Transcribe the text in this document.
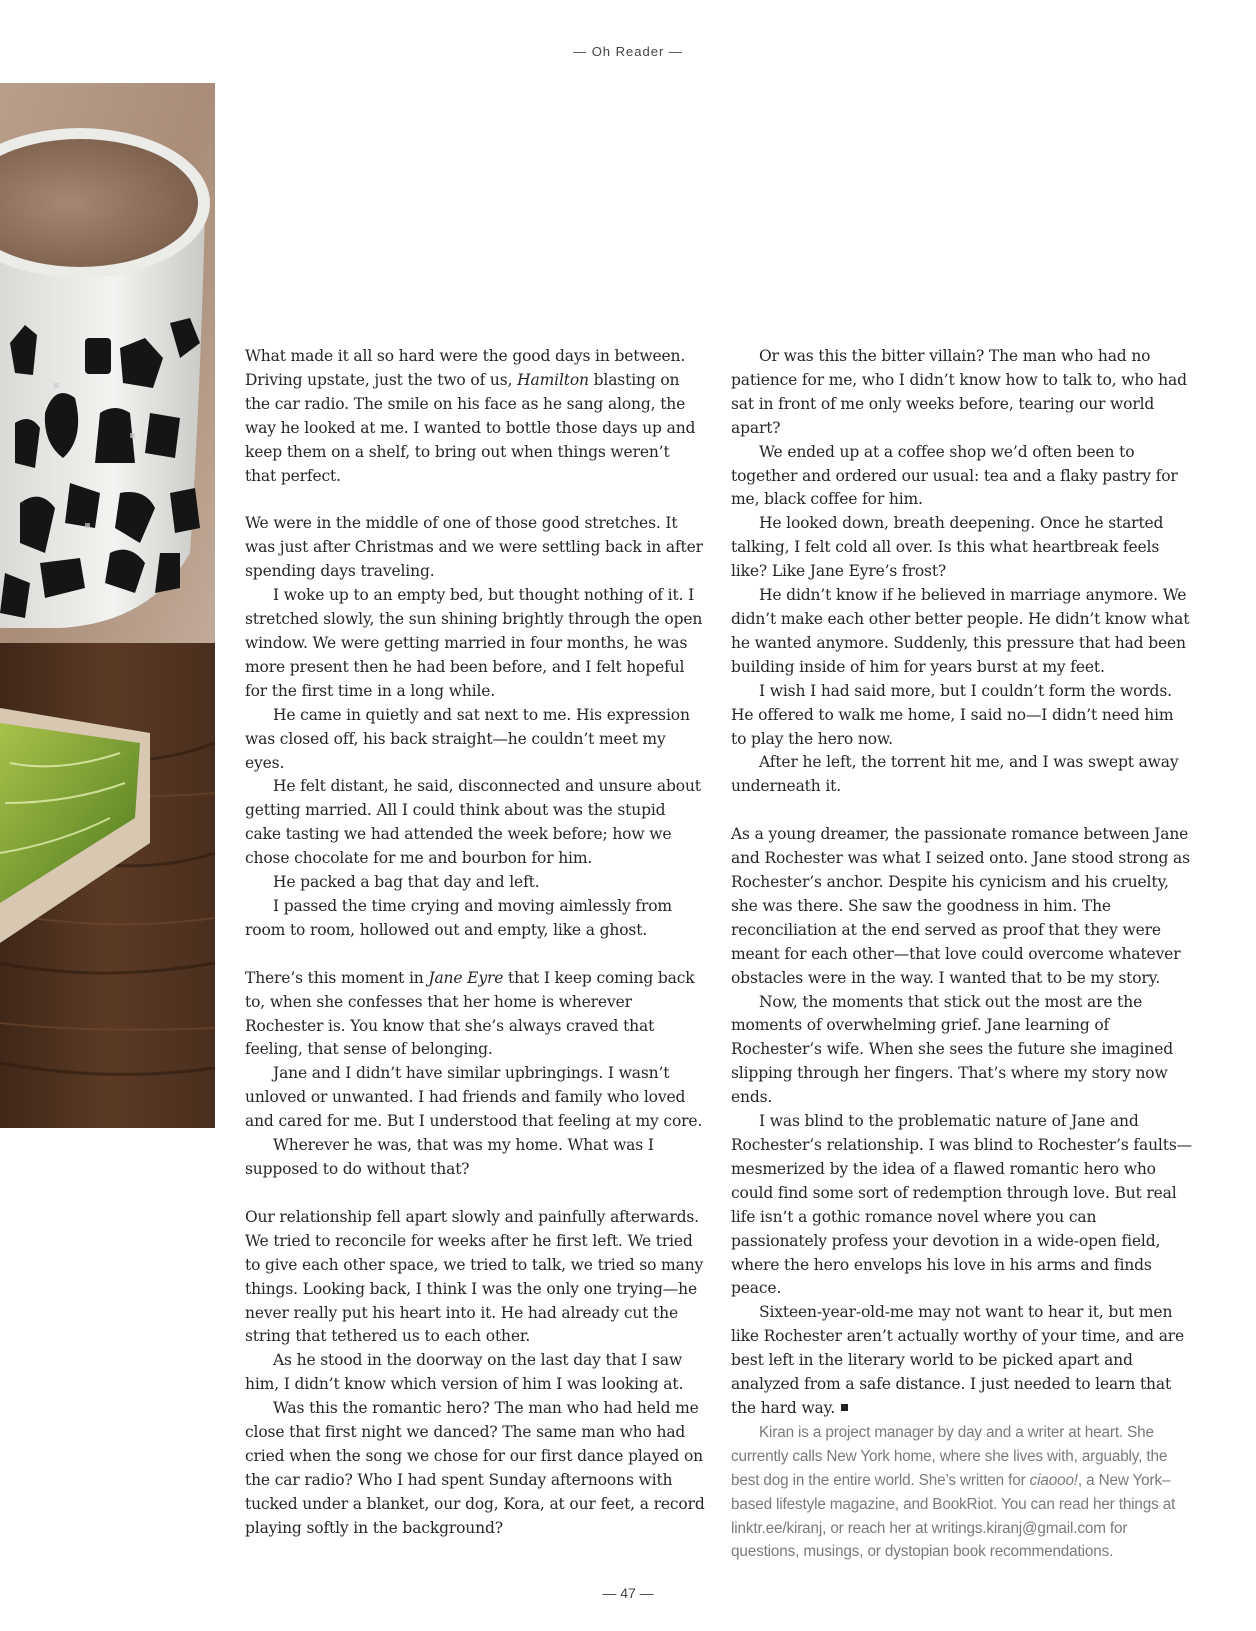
— Oh Reader —

What made it all so hard were the good days in between. Driving upstate, just the two of us, Hamilton blasting on the car radio. The smile on his face as he sang along, the way he looked at me. I wanted to bottle those days up and keep them on a shelf, to bring out when things weren’t that perfect.

We were in the middle of one of those good stretches. It was just after Christmas and we were settling back in after spending days traveling.

I woke up to an empty bed, but thought nothing of it. I stretched slowly, the sun shining brightly through the open window. We were getting married in four months, he was more present then he had been before, and I felt hopeful for the first time in a long while.

He came in quietly and sat next to me. His expression was closed off, his back straight—he couldn’t meet my eyes.

He felt distant, he said, disconnected and unsure about getting married. All I could think about was the stupid cake tasting we had attended the week before; how we chose chocolate for me and bourbon for him.

He packed a bag that day and left.

I passed the time crying and moving aimlessly from room to room, hollowed out and empty, like a ghost.

There’s this moment in Jane Eyre that I keep coming back to, when she confesses that her home is wherever Rochester is. You know that she’s always craved that feeling, that sense of belonging.

Jane and I didn’t have similar upbringings. I wasn’t unloved or unwanted. I had friends and family who loved and cared for me. But I understood that feeling at my core.

Wherever he was, that was my home. What was I supposed to do without that?

Our relationship fell apart slowly and painfully afterwards. We tried to reconcile for weeks after he first left. We tried to give each other space, we tried to talk, we tried so many things. Looking back, I think I was the only one trying—he never really put his heart into it. He had already cut the string that tethered us to each other.

As he stood in the doorway on the last day that I saw him, I didn’t know which version of him I was looking at.

Was this the romantic hero? The man who had held me close that first night we danced? The same man who had cried when the song we chose for our first dance played on the car radio? Who I had spent Sunday afternoons with tucked under a blanket, our dog, Kora, at our feet, a record playing softly in the background?

Or was this the bitter villain? The man who had no patience for me, who I didn’t know how to talk to, who had sat in front of me only weeks before, tearing our world apart?

We ended up at a coffee shop we’d often been to together and ordered our usual: tea and a flaky pastry for me, black coffee for him.

He looked down, breath deepening. Once he started talking, I felt cold all over. Is this what heartbreak feels like? Like Jane Eyre’s frost?

He didn’t know if he believed in marriage anymore. We didn’t make each other better people. He didn’t know what he wanted anymore. Suddenly, this pressure that had been building inside of him for years burst at my feet.

I wish I had said more, but I couldn’t form the words. He offered to walk me home, I said no—I didn’t need him to play the hero now.

After he left, the torrent hit me, and I was swept away underneath it.

As a young dreamer, the passionate romance between Jane and Rochester was what I seized onto. Jane stood strong as Rochester’s anchor. Despite his cynicism and his cruelty, she was there. She saw the goodness in him. The reconciliation at the end served as proof that they were meant for each other—that love could overcome whatever obstacles were in the way. I wanted that to be my story.

Now, the moments that stick out the most are the moments of overwhelming grief. Jane learning of Rochester’s wife. When she sees the future she imagined slipping through her fingers. That’s where my story now ends.

I was blind to the problematic nature of Jane and Rochester’s relationship. I was blind to Rochester’s faults—mesmerized by the idea of a flawed romantic hero who could find some sort of redemption through love. But real life isn’t a gothic romance novel where you can passionately profess your devotion in a wide-open field, where the hero envelops his love in his arms and finds peace.

Sixteen-year-old-me may not want to hear it, but men like Rochester aren’t actually worthy of your time, and are best left in the literary world to be picked apart and analyzed from a safe distance. I just needed to learn that the hard way.

Kiran is a project manager by day and a writer at heart. She currently calls New York home, where she lives with, arguably, the best dog in the entire world. She’s written for ciaooo!, a New York–based lifestyle magazine, and BookRiot. You can read her things at linktr.ee/kiranj, or reach her at writings.kiranj@gmail.com for questions, musings, or dystopian book recommendations.

— 47 —
